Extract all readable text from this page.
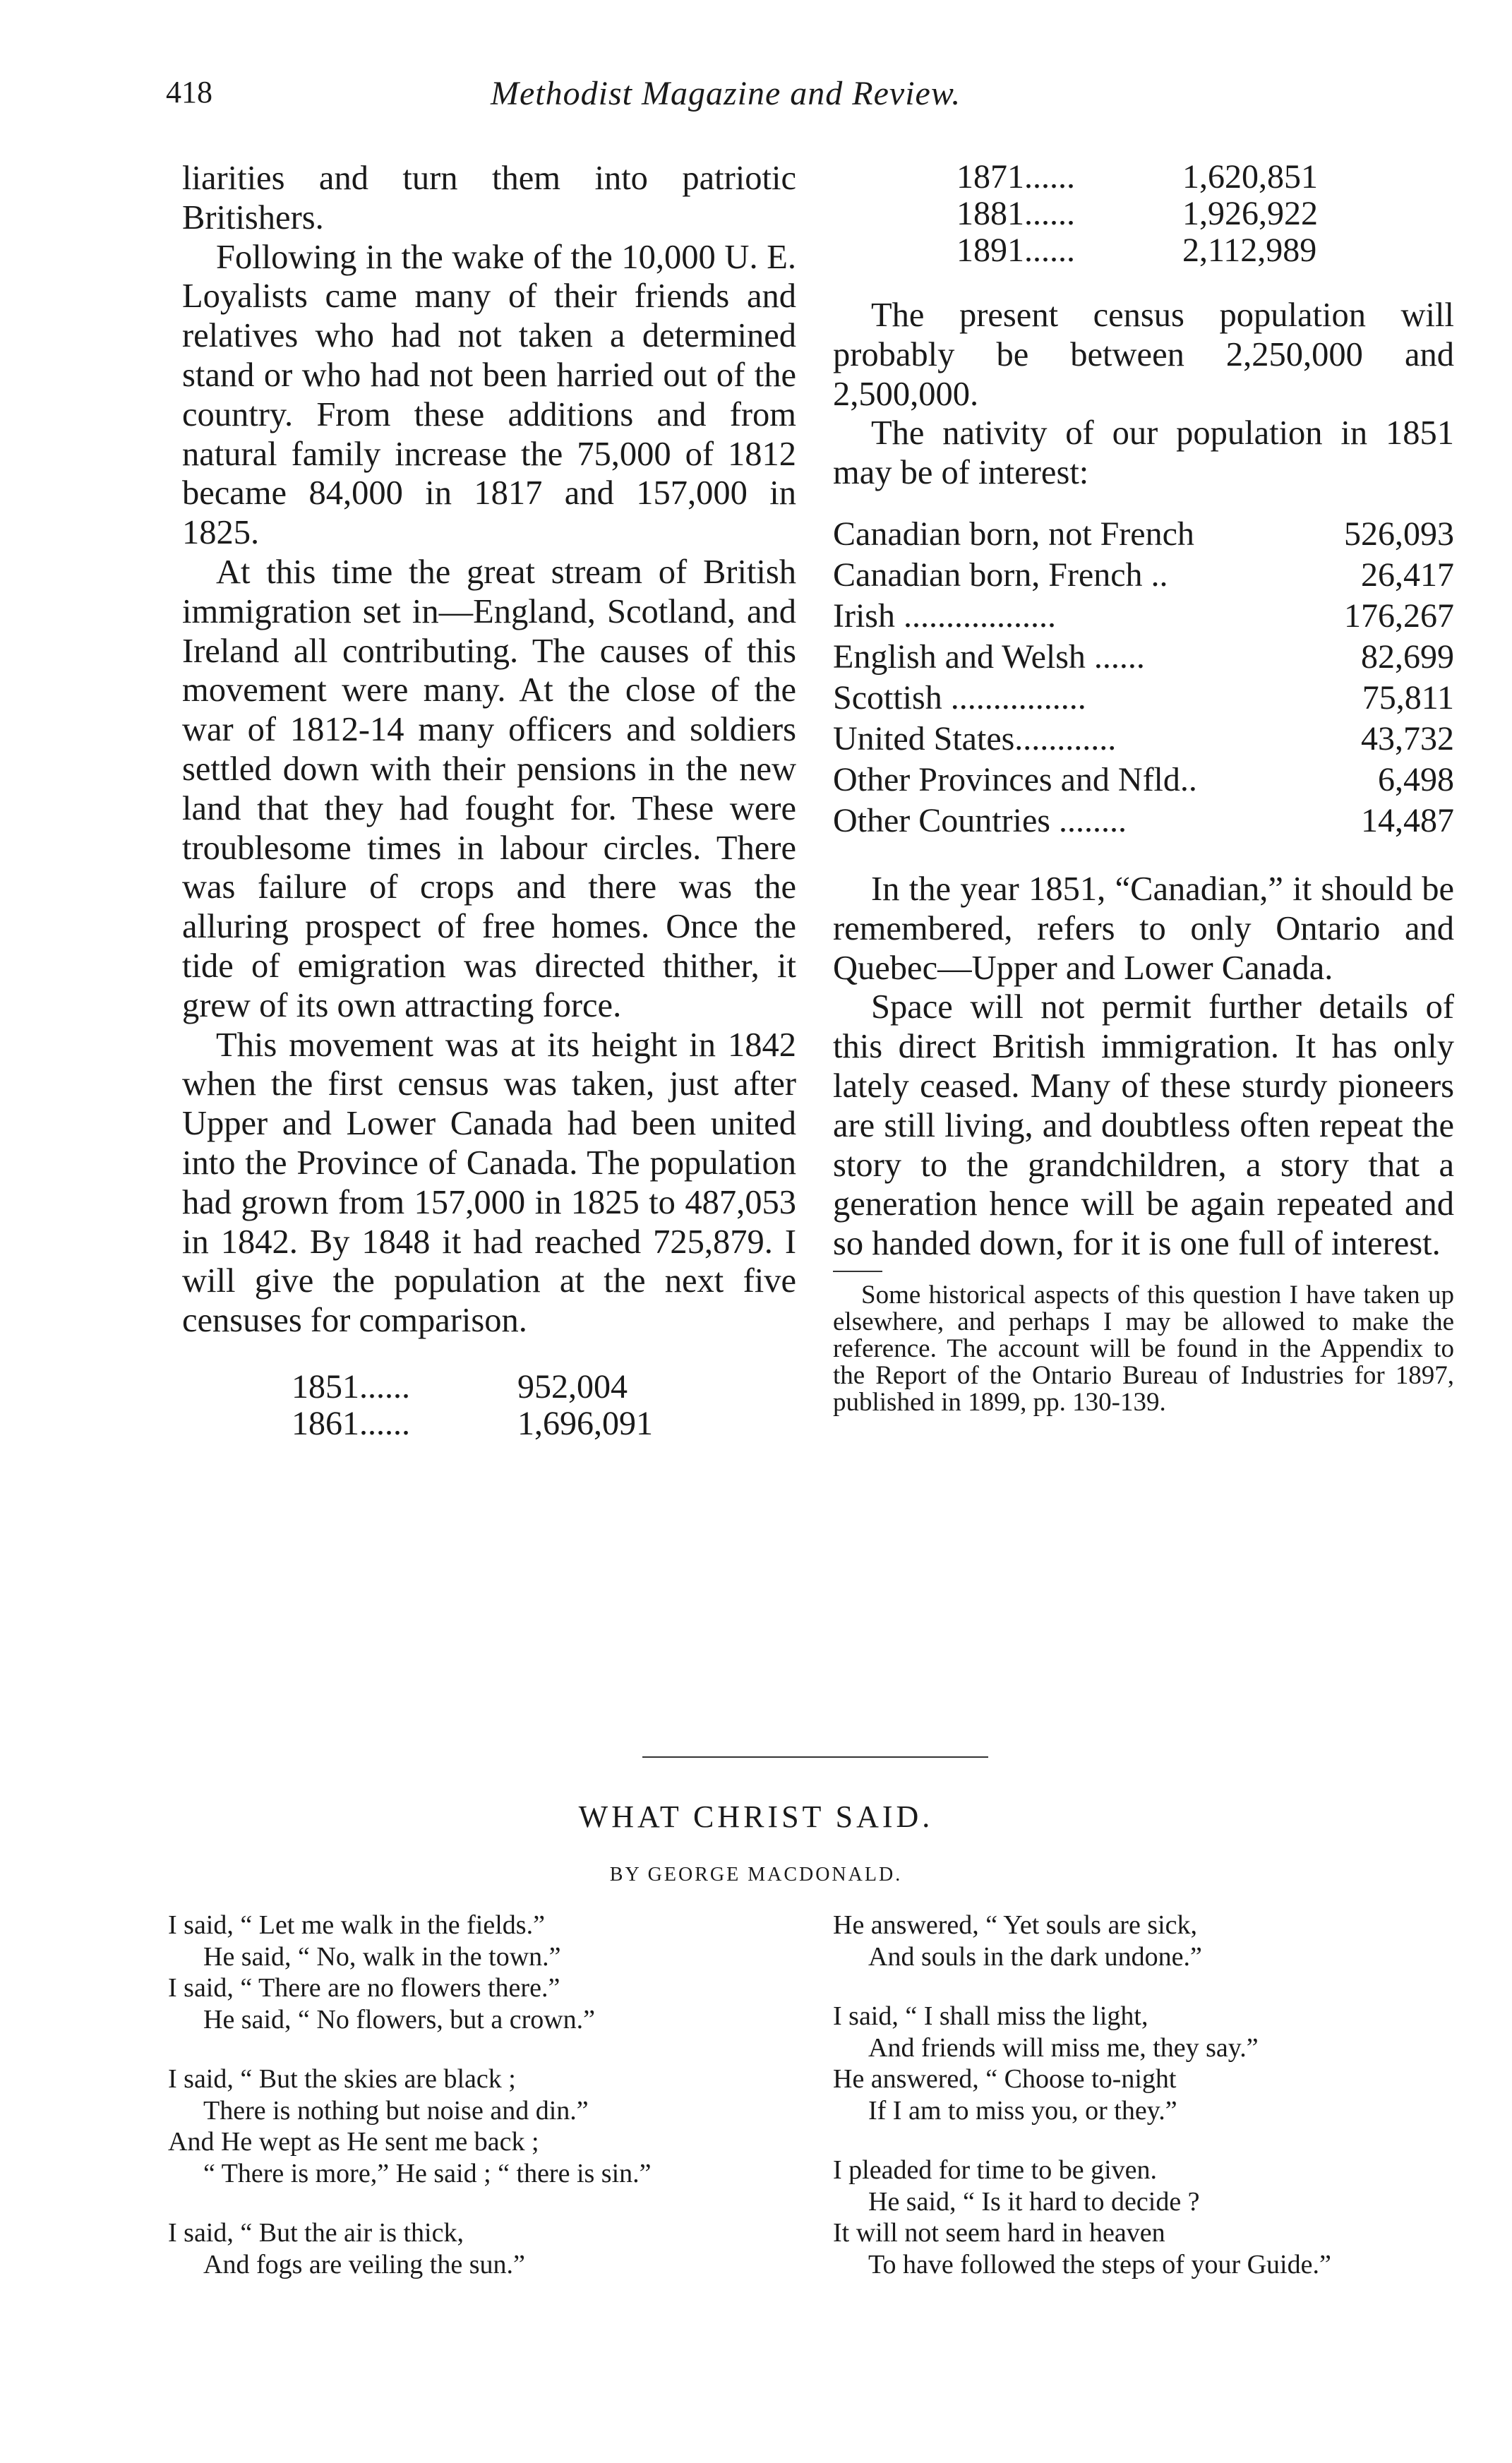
418	Methodist Magazine and Review.

liarities and turn them into patriotic Britishers.

Following in the wake of the 10,000 U. E. Loyalists came many of their friends and relatives who had not taken a determined stand or who had not been harried out of the country. From these additions and from natural family increase the 75,000 of 1812 became 84,000 in 1817 and 157,000 in 1825.

At this time the great stream of British immigration set in—England, Scotland, and Ireland all contributing. The causes of this movement were many. At the close of the war of 1812-14 many officers and soldiers settled down with their pensions in the new land that they had fought for. These were troublesome times in labour circles. There was failure of crops and there was the alluring prospect of free homes. Once the tide of emigration was directed thither, it grew of its own attracting force.

This movement was at its height in 1842 when the first census was taken, just after Upper and Lower Canada had been united into the Province of Canada. The population had grown from 157,000 in 1825 to 487,053 in 1842. By 1848 it had reached 725,879. I will give the population at the next five censuses for comparison.

1851......	952,004
1861......	1,696,091
1871......	1,620,851
1881......	1,926,922
1891......	2,112,989

The present census population will probably be between 2,250,000 and 2,500,000.

The nativity of our population in 1851 may be of interest:

Canadian born, not French	526,093
Canadian born, French ..	26,417
Irish ..................	176,267
English and Welsh ......	82,699
Scottish ................	75,811
United States............	43,732
Other Provinces and Nfld..	6,498
Other Countries ........	14,487

In the year 1851, “Canadian,” it should be remembered, refers to only Ontario and Quebec—Upper and Lower Canada.

Space will not permit further details of this direct British immigration. It has only lately ceased. Many of these sturdy pioneers are still living, and doubtless often repeat the story to the grandchildren, a story that a generation hence will be again repeated and so handed down, for it is one full of interest.

Some historical aspects of this question I have taken up elsewhere, and perhaps I may be allowed to make the reference. The account will be found in the Appendix to the Report of the Ontario Bureau of Industries for 1897, published in 1899, pp. 130-139.

WHAT CHRIST SAID.
BY GEORGE MACDONALD.
I said, “ Let me walk in the fields.”
He said, “ No, walk in the town.”
I said, “ There are no flowers there.”
He said, “ No flowers, but a crown.”
I said, “ But the skies are black ;
There is nothing but noise and din.”
And He wept as He sent me back ;
“ There is more,” He said ; “ there is sin.”
I said, “ But the air is thick,
And fogs are veiling the sun.”
He answered, “ Yet souls are sick,
And souls in the dark undone.”
I said, “ I shall miss the light,
And friends will miss me, they say.”
He answered, “ Choose to-night
If I am to miss you, or they.”
I pleaded for time to be given.
He said, “ Is it hard to decide ?
It will not seem hard in heaven
To have followed the steps of your Guide.”
